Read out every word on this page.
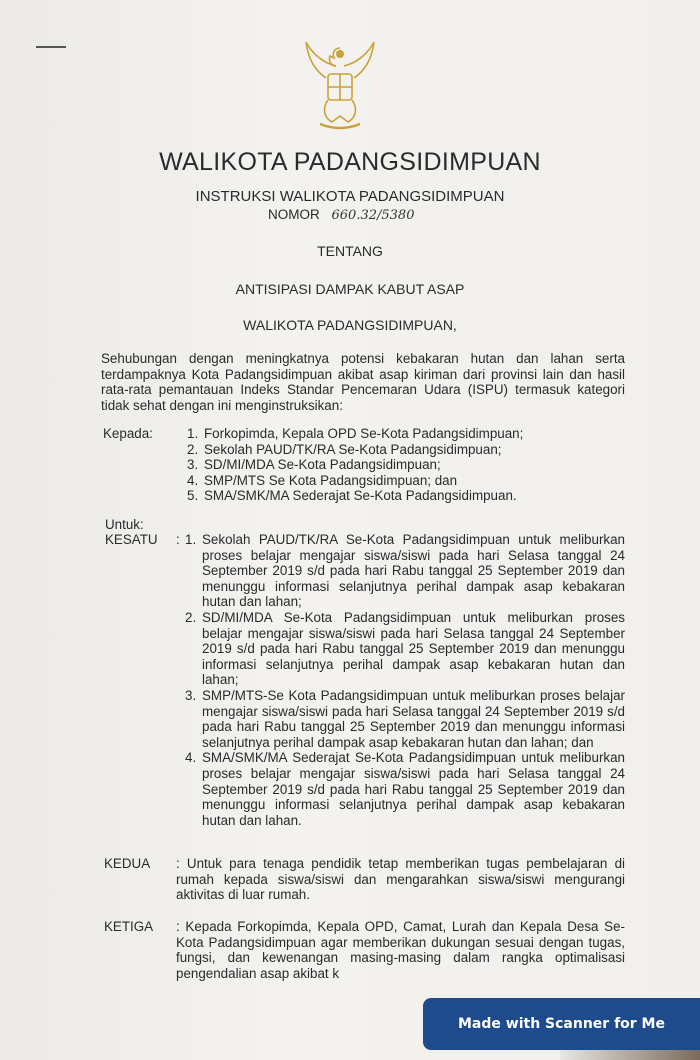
WALIKOTA PADANGSIDIMPUAN
INSTRUKSI WALIKOTA PADANGSIDIMPUAN
NOMOR 660.32/5380
TENTANG
ANTISIPASI DAMPAK KABUT ASAP
WALIKOTA PADANGSIDIMPUAN,
Sehubungan dengan meningkatnya potensi kebakaran hutan dan lahan serta terdampaknya Kota Padangsidimpuan akibat asap kiriman dari provinsi lain dan hasil rata-rata pemantauan Indeks Standar Pencemaran Udara (ISPU) termasuk kategori tidak sehat dengan ini menginstruksikan:
Kepada:	1. Forkopimda, Kepala OPD Se-Kota Padangsidimpuan;
2. Sekolah PAUD/TK/RA Se-Kota Padangsidimpuan;
3. SD/MI/MDA Se-Kota Padangsidimpuan;
4. SMP/MTS Se Kota Padangsidimpuan; dan
5. SMA/SMK/MA Sederajat Se-Kota Padangsidimpuan.
Untuk:
KESATU : 1. Sekolah PAUD/TK/RA Se-Kota Padangsidimpuan untuk meliburkan proses belajar mengajar siswa/siswi pada hari Selasa tanggal 24 September 2019 s/d pada hari Rabu tanggal 25 September 2019 dan menunggu informasi selanjutnya perihal dampak asap kebakaran hutan dan lahan;
2. SD/MI/MDA Se-Kota Padangsidimpuan untuk meliburkan proses belajar mengajar siswa/siswi pada hari Selasa tanggal 24 September 2019 s/d pada hari Rabu tanggal 25 September 2019 dan menunggu informasi selanjutnya perihal dampak asap kebakaran hutan dan lahan;
3. SMP/MTS-Se Kota Padangsidimpuan untuk meliburkan proses belajar mengajar siswa/siswi pada hari Selasa tanggal 24 September 2019 s/d pada hari Rabu tanggal 25 September 2019 dan menunggu informasi selanjutnya perihal dampak asap kebakaran hutan dan lahan; dan
4. SMA/SMK/MA Sederajat Se-Kota Padangsidimpuan untuk meliburkan proses belajar mengajar siswa/siswi pada hari Selasa tanggal 24 September 2019 s/d pada hari Rabu tanggal 25 September 2019 dan menunggu informasi selanjutnya perihal dampak asap kebakaran hutan dan lahan.
KEDUA : Untuk para tenaga pendidik tetap memberikan tugas pembelajaran di rumah kepada siswa/siswi dan mengarahkan siswa/siswi mengurangi aktivitas di luar rumah.
KETIGA : Kepada Forkopimda, Kepala OPD, Camat, Lurah dan Kepala Desa Se-Kota Padangsidimpuan agar memberikan dukungan sesuai dengan tugas, fungsi, dan kewenangan masing-masing dalam rangka optimalisasi pengendalian asap akibat k
Made with Scanner for Me
